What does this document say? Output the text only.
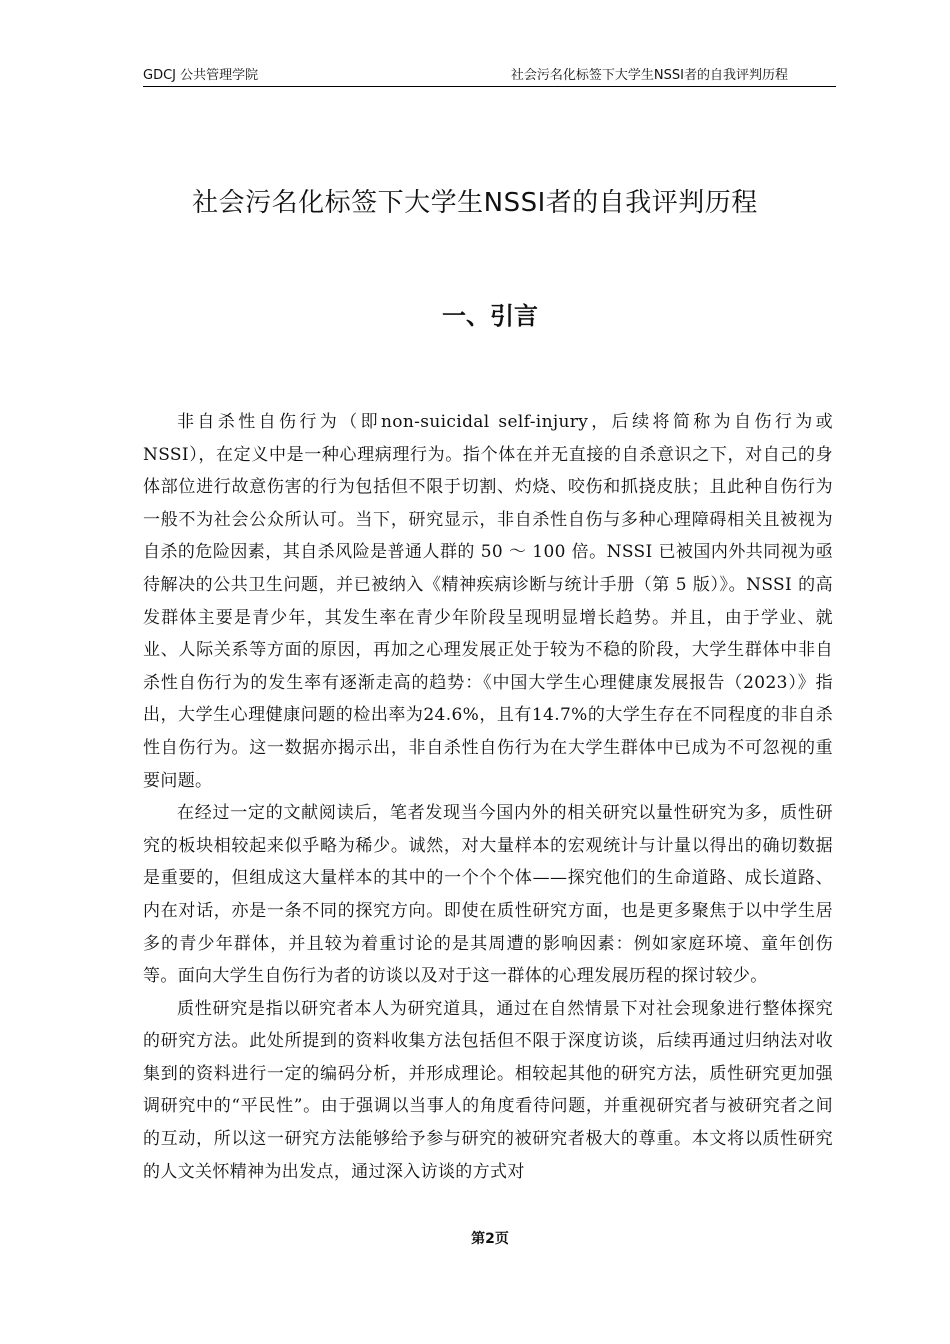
GDCJ 公共管理学院	社会污名化标签下大学生NSSI者的自我评判历程
社会污名化标签下大学生NSSI者的自我评判历程
一、引言

非自杀性自伤行为（即non-suicidal self-injury，后续将简称为自伤行为或NSSI），在定义中是一种心理病理行为。指个体在并无直接的自杀意识之下，对自己的身体部位进行故意伤害的行为包括但不限于切割、灼烧、咬伤和抓挠皮肤；且此种自伤行为一般不为社会公众所认可。当下，研究显示，非自杀性自伤与多种心理障碍相关且被视为自杀的危险因素，其自杀风险是普通人群的 50 ～ 100 倍。NSSI 已被国内外共同视为亟待解决的公共卫生问题，并已被纳入《精神疾病诊断与统计手册（第 5 版）》。NSSI 的高发群体主要是青少年，其发生率在青少年阶段呈现明显增长趋势。并且，由于学业、就业、人际关系等方面的原因，再加之心理发展正处于较为不稳的阶段，大学生群体中非自杀性自伤行为的发生率有逐渐走高的趋势：《中国大学生心理健康发展报告（2023）》指出，大学生心理健康问题的检出率为24.6%，且有14.7%的大学生存在不同程度的非自杀性自伤行为。这一数据亦揭示出，非自杀性自伤行为在大学生群体中已成为不可忽视的重要问题。

在经过一定的文献阅读后，笔者发现当今国内外的相关研究以量性研究为多，质性研究的板块相较起来似乎略为稀少。诚然，对大量样本的宏观统计与计量以得出的确切数据是重要的，但组成这大量样本的其中的一个个个体——探究他们的生命道路、成长道路、内在对话，亦是一条不同的探究方向。即使在质性研究方面，也是更多聚焦于以中学生居多的青少年群体，并且较为着重讨论的是其周遭的影响因素：例如家庭环境、童年创伤等。面向大学生自伤行为者的访谈以及对于这一群体的心理发展历程的探讨较少。

质性研究是指以研究者本人为研究道具，通过在自然情景下对社会现象进行整体探究的研究方法。此处所提到的资料收集方法包括但不限于深度访谈，后续再通过归纳法对收集到的资料进行一定的编码分析，并形成理论。相较起其他的研究方法，质性研究更加强调研究中的“平民性”。由于强调以当事人的角度看待问题，并重视研究者与被研究者之间的互动，所以这一研究方法能够给予参与研究的被研究者极大的尊重。本文将以质性研究的人文关怀精神为出发点，通过深入访谈的方式对

第2页
